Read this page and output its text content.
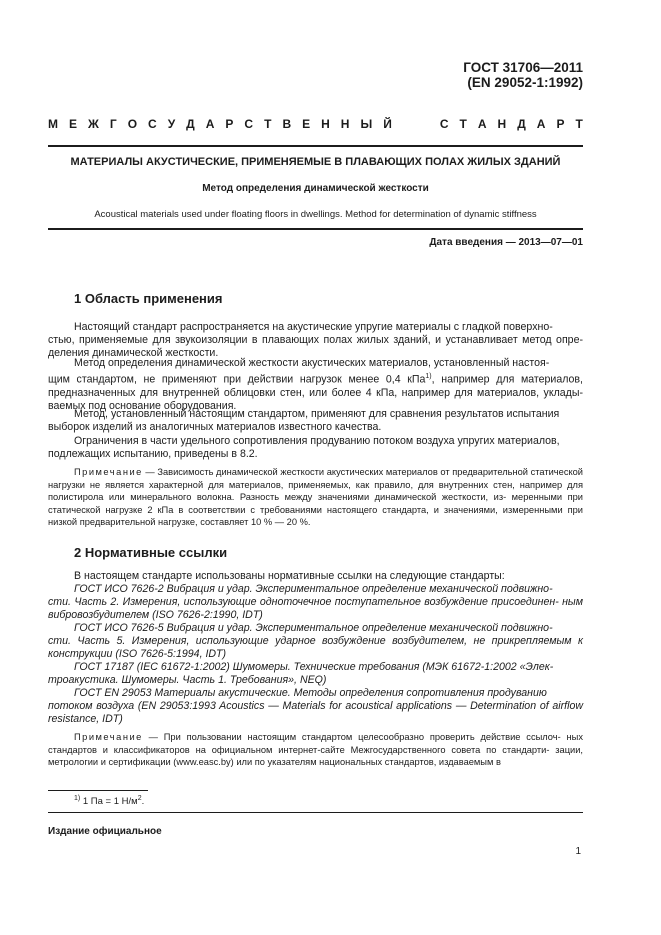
ГОСТ 31706—2011
(EN 29052-1:1992)
М Е Ж Г О С У Д А Р С Т В Е Н Н Ы Й	С Т А Н Д А Р Т
МАТЕРИАЛЫ АКУСТИЧЕСКИЕ, ПРИМЕНЯЕМЫЕ В ПЛАВАЮЩИХ ПОЛАХ ЖИЛЫХ ЗДАНИЙ
Метод определения динамической жесткости
Acoustical materials used under floating floors in dwellings. Method for determination of dynamic stiffness
Дата введения — 2013—07—01
1 Область применения
Настоящий стандарт распространяется на акустические упругие материалы с гладкой поверхно-
стью, применяемые для звукоизоляции в плавающих полах жилых зданий, и устанавливает метод опре- деления динамической жесткости.
Метод определения динамической жесткости акустических материалов, установленный настоя-
щим стандартом, не применяют при действии нагрузок менее 0,4 кПа$^{1)}$, например для материалов, предназначенных для внутренней облицовки стен, или более 4 кПа, например для материалов, уклады- ваемых под основание оборудования.
Метод, установленный настоящим стандартом, применяют для сравнения результатов испытания
выборок изделий из аналогичных материалов известного качества.
Ограничения в части удельного сопротивления продуванию потоком воздуха упругих материалов,
подлежащих испытанию, приведены в 8.2.
Примечание — Зависимость динамической жесткости акустических материалов от предварительной статической нагрузки не является характерной для материалов, применяемых, как правило, для внутренних стен, например для полистирола или минерального волокна. Разность между значениями динамической жесткости, из- меренными при статической нагрузке 2 кПа в соответствии с требованиями настоящего стандарта, и значениями, измеренными при низкой предварительной нагрузке, составляет 10 % — 20 %.
2 Нормативные ссылки
В настоящем стандарте использованы нормативные ссылки на следующие стандарты:
ГОСТ ИСО 7626-2 Вибрация и удар. Экспериментальное определение механической подвижно-
сти. Часть 2. Измерения, использующие одноточечное поступательное возбуждение присоединен- ным вибровозбудителем (ISO 7626-2:1990, IDT)
ГОСТ ИСО 7626-5 Вибрация и удар. Экспериментальное определение механической подвижно-
сти. Часть 5. Измерения, использующие ударное возбуждение возбудителем, не прикрепляемым к конструкции (ISO 7626-5:1994, IDT)
ГОСТ 17187 (IEC 61672-1:2002) Шумомеры. Технические требования (МЭК 61672-1:2002 «Элек-
троакустика. Шумомеры. Часть 1. Требования», NEQ)
ГОСТ EN 29053 Материалы акустические. Методы определения сопротивления продуванию
потоком воздуха (EN 29053:1993 Acoustics — Materials for acoustical applications — Determination of airflow resistance, IDT)
Примечание — При пользовании настоящим стандартом целесообразно проверить действие ссылоч- ных стандартов и классификаторов на официальном интернет-сайте Межгосударственного совета по стандарти- зации, метрологии и сертификации (www.easc.by) или по указателям национальных стандартов, издаваемым в
$^{1)}$ 1 Па = 1 $Н/м^2$.
Издание официальное
1
